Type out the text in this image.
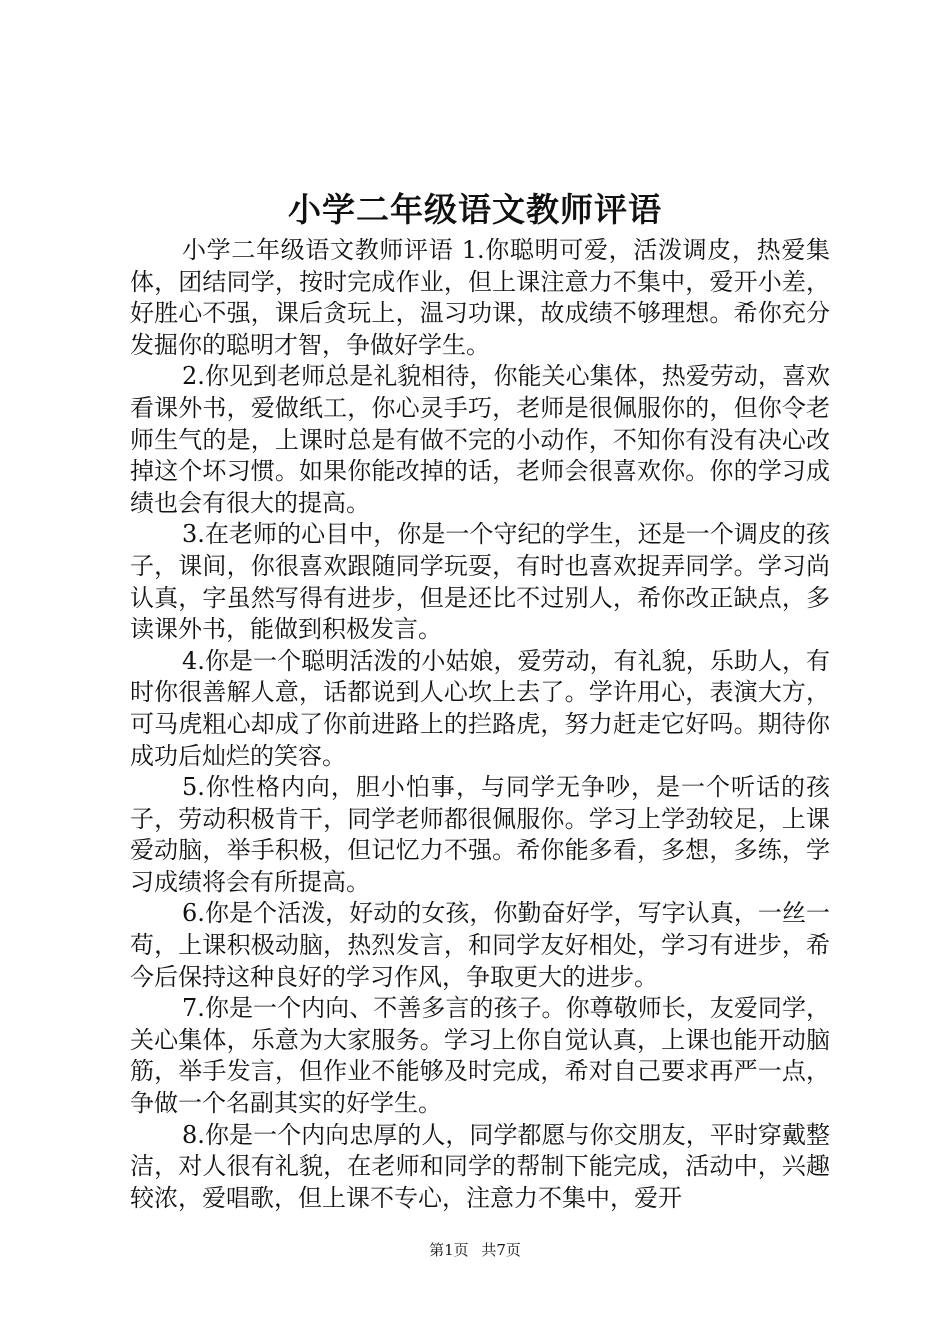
小学二年级语文教师评语

小学二年级语文教师评语 1.你聪明可爱，活泼调皮，热爱集体，团结同学，按时完成作业，但上课注意力不集中，爱开小差，好胜心不强，课后贪玩上，温习功课，故成绩不够理想。希你充分发掘你的聪明才智，争做好学生。

2.你见到老师总是礼貌相待，你能关心集体，热爱劳动，喜欢看课外书，爱做纸工，你心灵手巧，老师是很佩服你的，但你令老师生气的是，上课时总是有做不完的小动作，不知你有没有决心改掉这个坏习惯。如果你能改掉的话，老师会很喜欢你。你的学习成绩也会有很大的提高。

3.在老师的心目中，你是一个守纪的学生，还是一个调皮的孩子，课间，你很喜欢跟随同学玩耍，有时也喜欢捉弄同学。学习尚认真，字虽然写得有进步，但是还比不过别人，希你改正缺点，多读课外书，能做到积极发言。

4.你是一个聪明活泼的小姑娘，爱劳动，有礼貌，乐助人，有时你很善解人意，话都说到人心坎上去了。学许用心，表演大方，可马虎粗心却成了你前进路上的拦路虎，努力赶走它好吗。期待你成功后灿烂的笑容。

5.你性格内向，胆小怕事，与同学无争吵，是一个听话的孩子，劳动积极肯干，同学老师都很佩服你。学习上学劲较足，上课爱动脑，举手积极，但记忆力不强。希你能多看，多想，多练，学习成绩将会有所提高。

6.你是个活泼，好动的女孩，你勤奋好学，写字认真，一丝一苟，上课积极动脑，热烈发言，和同学友好相处，学习有进步，希今后保持这种良好的学习作风，争取更大的进步。

7.你是一个内向、不善多言的孩子。你尊敬师长，友爱同学，关心集体，乐意为大家服务。学习上你自觉认真，上课也能开动脑筋，举手发言，但作业不能够及时完成，希对自己要求再严一点，争做一个名副其实的好学生。

8.你是一个内向忠厚的人，同学都愿与你交朋友，平时穿戴整洁，对人很有礼貌，在老师和同学的帮制下能完成，活动中，兴趣较浓，爱唱歌，但上课不专心，注意力不集中，爱开

第1页 共7页
